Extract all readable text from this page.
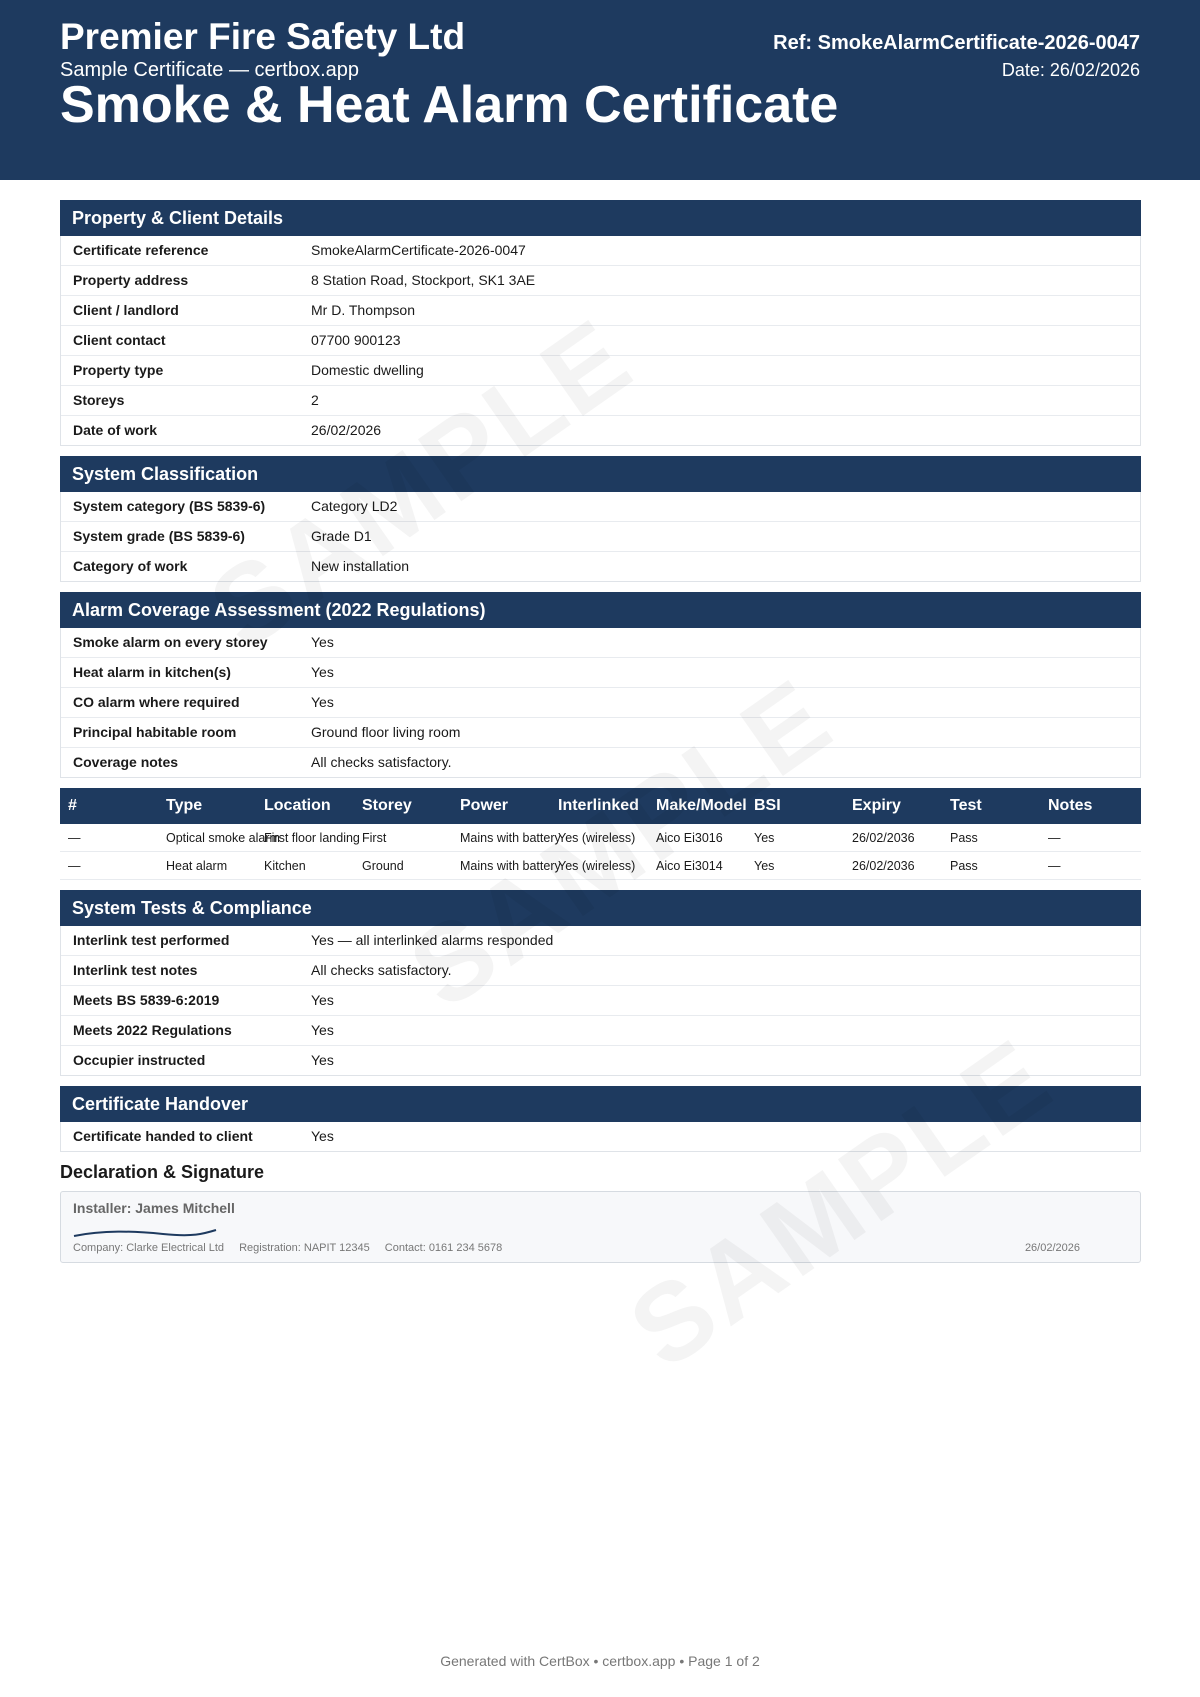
Premier Fire Safety Ltd
Sample Certificate — certbox.app
Smoke & Heat Alarm Certificate
Ref: SmokeAlarmCertificate-2026-0047
Date: 26/02/2026
Property & Client Details
Certificate reference	SmokeAlarmCertificate-2026-0047
Property address	8 Station Road, Stockport, SK1 3AE
Client / landlord	Mr D. Thompson
Client contact	07700 900123
Property type	Domestic dwelling
Storeys	2
Date of work	26/02/2026
System Classification
System category (BS 5839-6)	Category LD2
System grade (BS 5839-6)	Grade D1
Category of work	New installation
Alarm Coverage Assessment (2022 Regulations)
Smoke alarm on every storey	Yes
Heat alarm in kitchen(s)	Yes
CO alarm where required	Yes
Principal habitable room	Ground floor living room
Coverage notes	All checks satisfactory.
#	Type	Location	Storey	Power	Interlinked	Make/Model	BSI	Expiry	Test	Notes
—	Optical smoke alarm	First floor landing	First	Mains with battery	Yes (wireless)	Aico Ei3016	Yes	26/02/2036	Pass	—
—	Heat alarm	Kitchen	Ground	Mains with battery	Yes (wireless)	Aico Ei3014	Yes	26/02/2036	Pass	—
System Tests & Compliance
Interlink test performed	Yes — all interlinked alarms responded
Interlink test notes	All checks satisfactory.
Meets BS 5839-6:2019	Yes
Meets 2022 Regulations	Yes
Occupier instructed	Yes
Certificate Handover
Certificate handed to client	Yes
Declaration & Signature
Installer: James Mitchell
Company: Clarke Electrical Ltd Registration: NAPIT 12345 Contact: 0161 234 5678	26/02/2026
Generated with CertBox • certbox.app • Page 1 of 2
